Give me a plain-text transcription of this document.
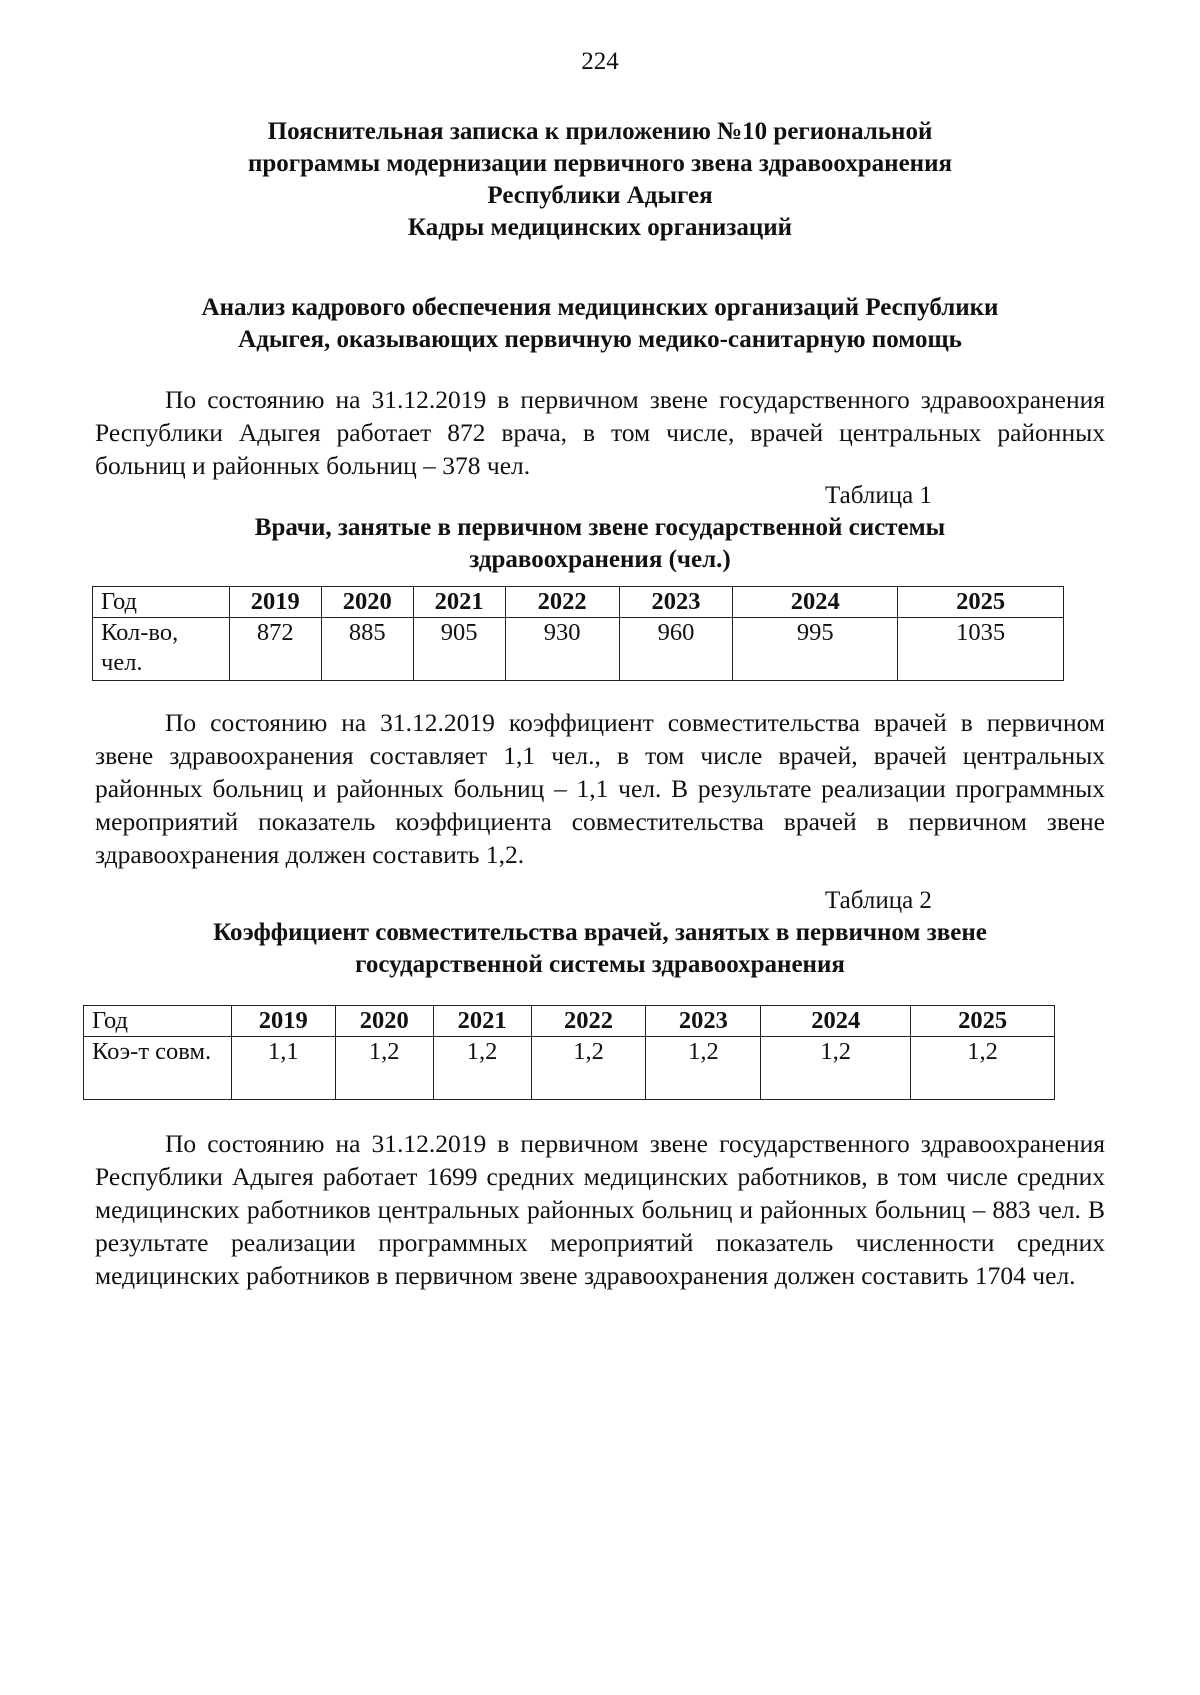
224
Пояснительная записка к приложению №10 региональной
программы модернизации первичного звена здравоохранения
Республики Адыгея
Кадры медицинских организаций
Анализ кадрового обеспечения медицинских организаций Республики
Адыгея, оказывающих первичную медико-санитарную помощь
По состоянию на 31.12.2019 в первичном звене государственного здравоохранения Республики Адыгея работает 872 врача, в том числе, врачей центральных районных больниц и районных больниц – 378 чел.
Таблица 1
Врачи, занятые в первичном звене государственной системы
здравоохранения (чел.)
Год	2019	2020	2021	2022	2023	2024	2025
Кол-во, чел.	872	885	905	930	960	995	1035
По состоянию на 31.12.2019 коэффициент совместительства врачей в первичном звене здравоохранения составляет 1,1 чел., в том числе врачей, врачей центральных районных больниц и районных больниц – 1,1 чел. В результате реализации программных мероприятий показатель коэффициента совместительства врачей в первичном звене здравоохранения должен составить 1,2.
Таблица 2
Коэффициент совместительства врачей, занятых в первичном звене
государственной системы здравоохранения
Год	2019	2020	2021	2022	2023	2024	2025
Коэ-т совм.	1,1	1,2	1,2	1,2	1,2	1,2	1,2
По состоянию на 31.12.2019 в первичном звене государственного здравоохранения Республики Адыгея работает 1699 средних медицинских работников, в том числе средних медицинских работников центральных районных больниц и районных больниц – 883 чел. В результате реализации программных мероприятий показатель численности средних медицинских работников в первичном звене здравоохранения должен составить 1704 чел.
